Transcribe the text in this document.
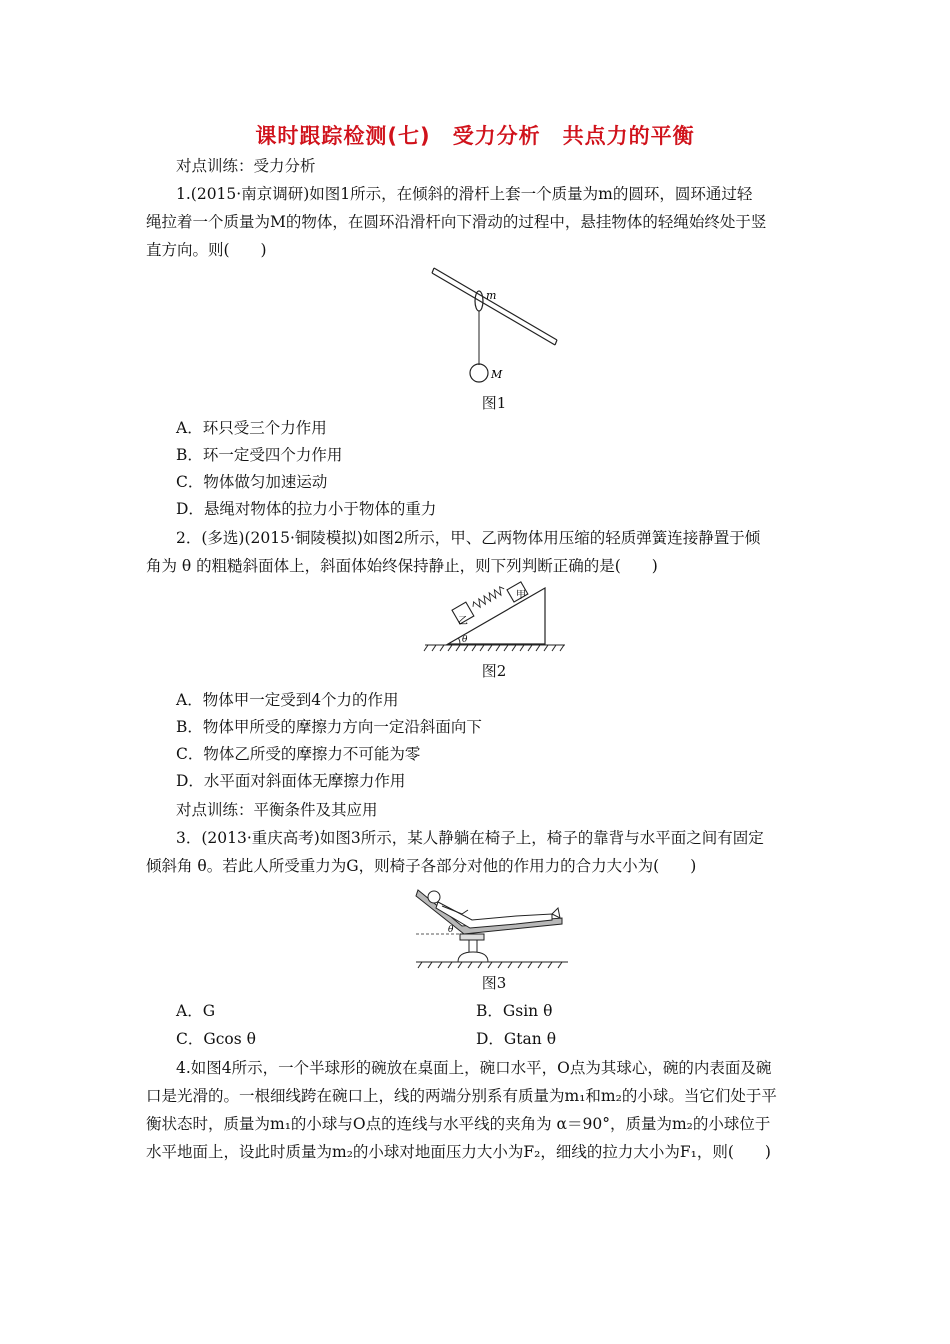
课时跟踪检测(七)　受力分析　共点力的平衡
对点训练：受力分析
1.(2015·南京调研)如图1所示，在倾斜的滑杆上套一个质量为m的圆环，圆环通过轻
绳拉着一个质量为M的物体，在圆环沿滑杆向下滑动的过程中，悬挂物体的轻绳始终处于竖
直方向。则(　　)
m
M
图1
A．环只受三个力作用
B．环一定受四个力作用
C．物体做匀加速运动
D．悬绳对物体的拉力小于物体的重力
2．(多选)(2015·铜陵模拟)如图2所示，甲、乙两物体用压缩的轻质弹簧连接静置于倾
角为 θ 的粗糙斜面体上，斜面体始终保持静止，则下列判断正确的是(　　)
乙
甲
θ
图2
A．物体甲一定受到4个力的作用
B．物体甲所受的摩擦力方向一定沿斜面向下
C．物体乙所受的摩擦力不可能为零
D．水平面对斜面体无摩擦力作用
对点训练：平衡条件及其应用
3．(2013·重庆高考)如图3所示，某人静躺在椅子上，椅子的靠背与水平面之间有固定
倾斜角 θ。若此人所受重力为G，则椅子各部分对他的作用力的合力大小为(　　)
θ
图3
A．G	B．Gsin θ
C．Gcos θ	D．Gtan θ
4.如图4所示，一个半球形的碗放在桌面上，碗口水平，O点为其球心，碗的内表面及碗
口是光滑的。一根细线跨在碗口上，线的两端分别系有质量为m₁和m₂的小球。当它们处于平
衡状态时，质量为m₁的小球与O点的连线与水平线的夹角为 α＝90°，质量为m₂的小球位于
水平地面上，设此时质量为m₂的小球对地面压力大小为F₂，细线的拉力大小为F₁，则(　　)
